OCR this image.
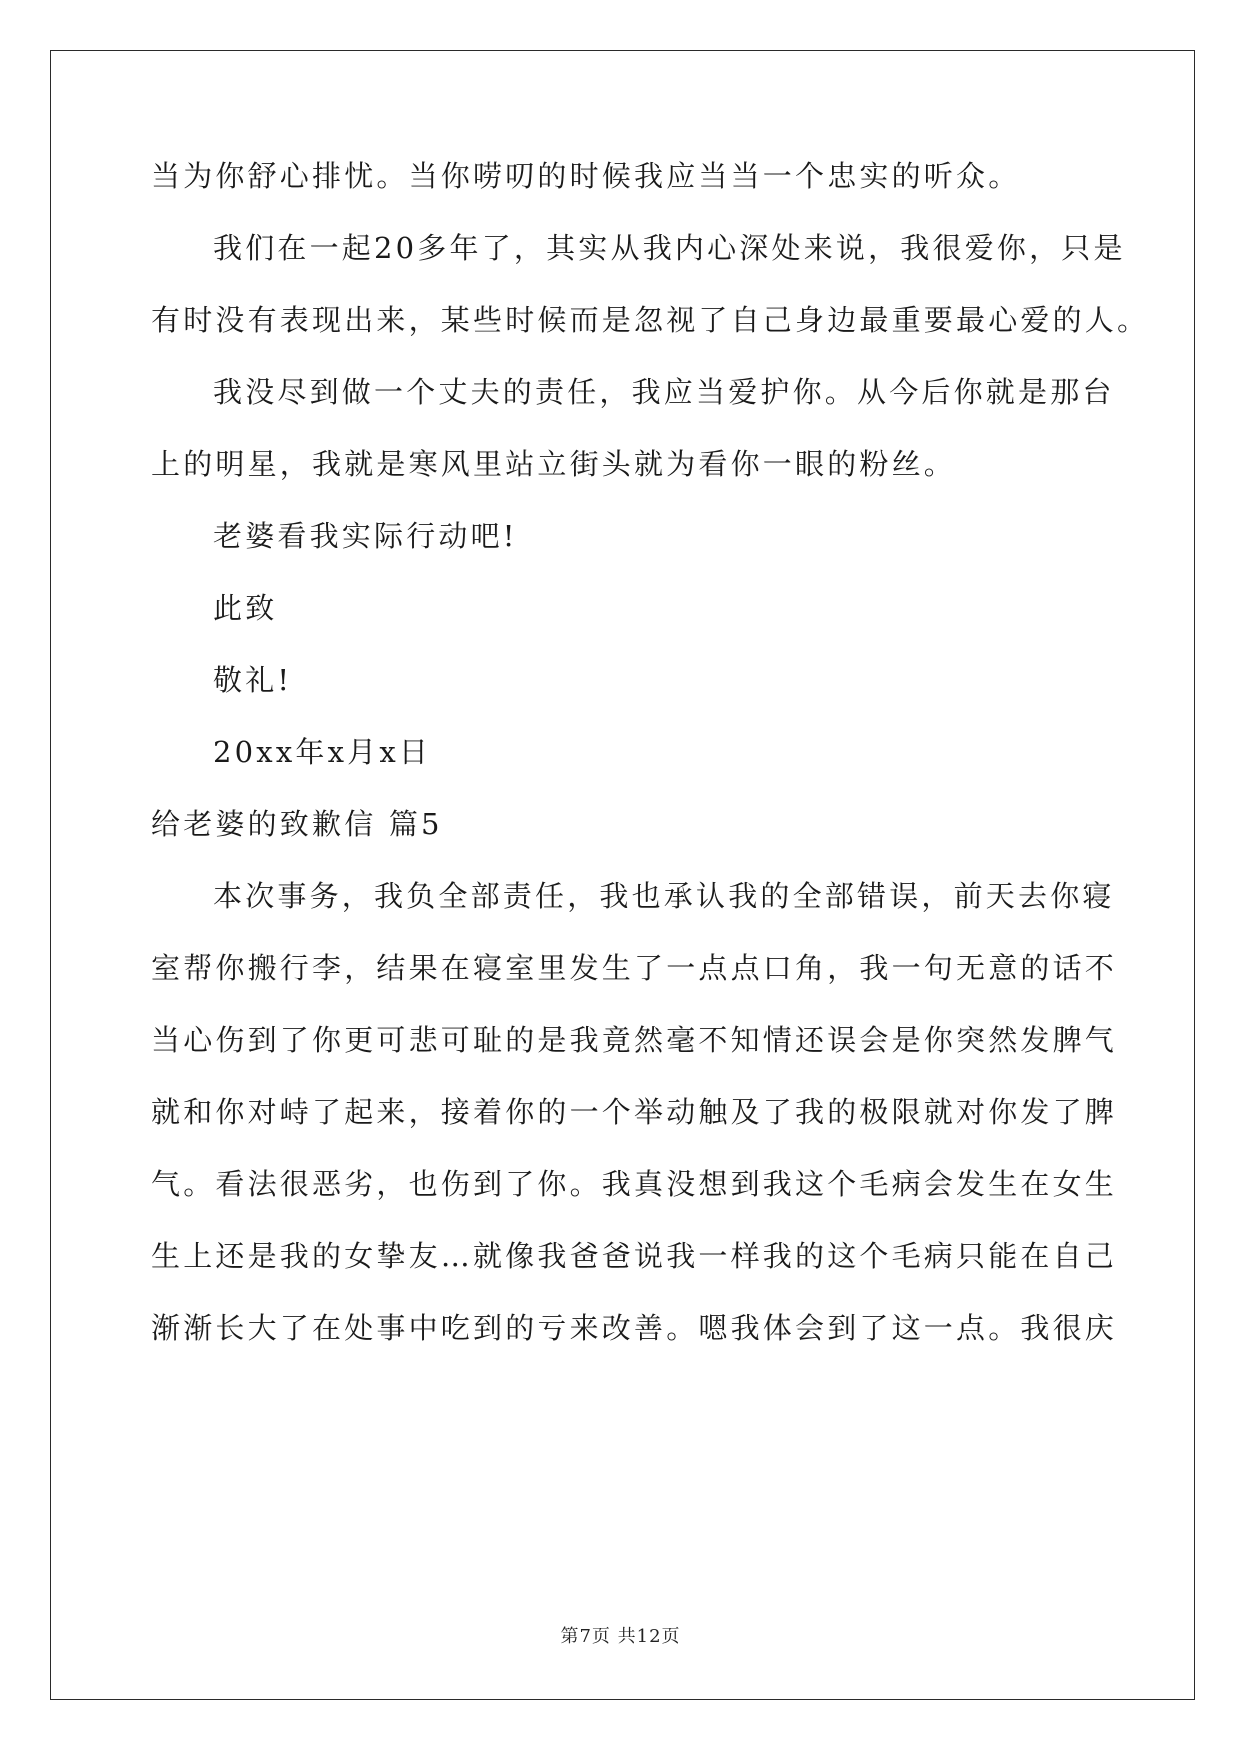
当为你舒心排忧。当你唠叨的时候我应当当一个忠实的听众。

我们在一起20多年了，其实从我内心深处来说，我很爱你，只是

有时没有表现出来，某些时候而是忽视了自己身边最重要最心爱的人。

我没尽到做一个丈夫的责任，我应当爱护你。从今后你就是那台

上的明星，我就是寒风里站立街头就为看你一眼的粉丝。

老婆看我实际行动吧!

此致

敬礼!

20xx年x月x日

给老婆的致歉信 篇5

本次事务，我负全部责任，我也承认我的全部错误，前天去你寝

室帮你搬行李，结果在寝室里发生了一点点口角，我一句无意的话不

当心伤到了你更可悲可耻的是我竟然毫不知情还误会是你突然发脾气

就和你对峙了起来，接着你的一个举动触及了我的极限就对你发了脾

气。看法很恶劣，也伤到了你。我真没想到我这个毛病会发生在女生

生上还是我的女挚友…就像我爸爸说我一样我的这个毛病只能在自己

渐渐长大了在处事中吃到的亏来改善。嗯我体会到了这一点。我很庆

第7页 共12页
